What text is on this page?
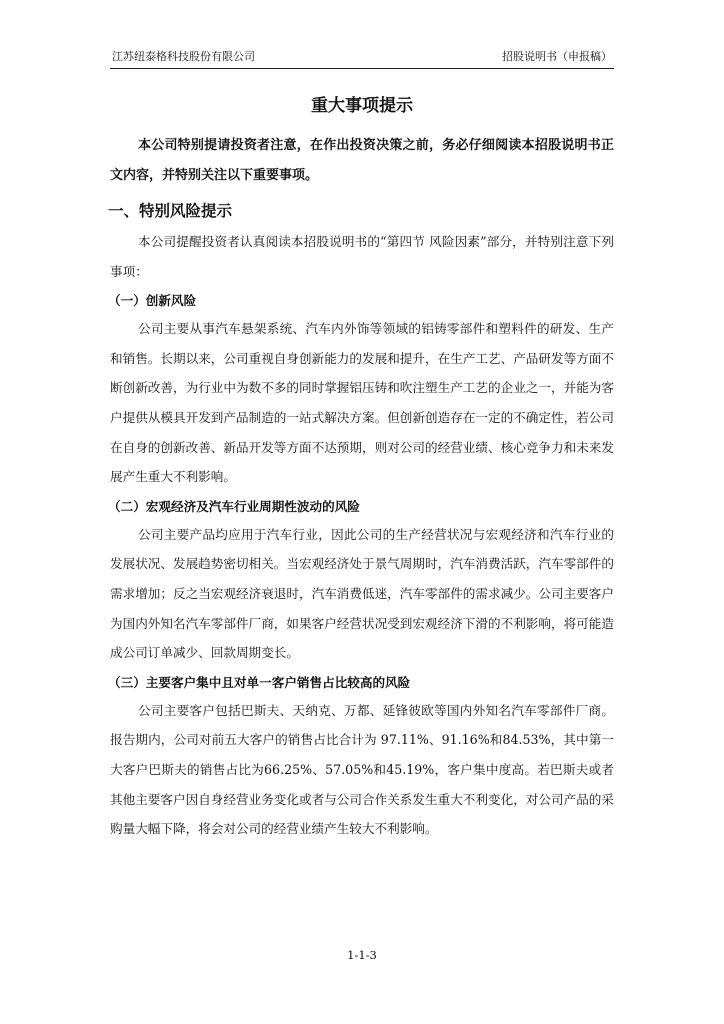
江苏纽泰格科技股份有限公司	招股说明书（申报稿）
重大事项提示

本公司特别提请投资者注意，在作出投资决策之前，务必仔细阅读本招股说明书正文内容，并特别关注以下重要事项。

一、特别风险提示

本公司提醒投资者认真阅读本招股说明书的“第四节 风险因素”部分，并特别注意下列事项：

（一）创新风险

公司主要从事汽车悬架系统、汽车内外饰等领域的铝铸零部件和塑料件的研发、生产和销售。长期以来，公司重视自身创新能力的发展和提升，在生产工艺、产品研发等方面不断创新改善，为行业中为数不多的同时掌握铝压铸和吹注塑生产工艺的企业之一，并能为客户提供从模具开发到产品制造的一站式解决方案。但创新创造存在一定的不确定性，若公司在自身的创新改善、新品开发等方面不达预期，则对公司的经营业绩、核心竞争力和未来发展产生重大不利影响。

（二）宏观经济及汽车行业周期性波动的风险

公司主要产品均应用于汽车行业，因此公司的生产经营状况与宏观经济和汽车行业的发展状况、发展趋势密切相关。当宏观经济处于景气周期时，汽车消费活跃，汽车零部件的需求增加；反之当宏观经济衰退时，汽车消费低迷，汽车零部件的需求减少。公司主要客户为国内外知名汽车零部件厂商，如果客户经营状况受到宏观经济下滑的不利影响，将可能造成公司订单减少、回款周期变长。

（三）主要客户集中且对单一客户销售占比较高的风险

公司主要客户包括巴斯夫、天纳克、万都、延锋彼欧等国内外知名汽车零部件厂商。报告期内，公司对前五大客户的销售占比合计为 97.11%、91.16%和84.53%，其中第一大客户巴斯夫的销售占比为66.25%、57.05%和45.19%，客户集中度高。若巴斯夫或者其他主要客户因自身经营业务变化或者与公司合作关系发生重大不利变化，对公司产品的采购量大幅下降，将会对公司的经营业绩产生较大不利影响。

1-1-3
